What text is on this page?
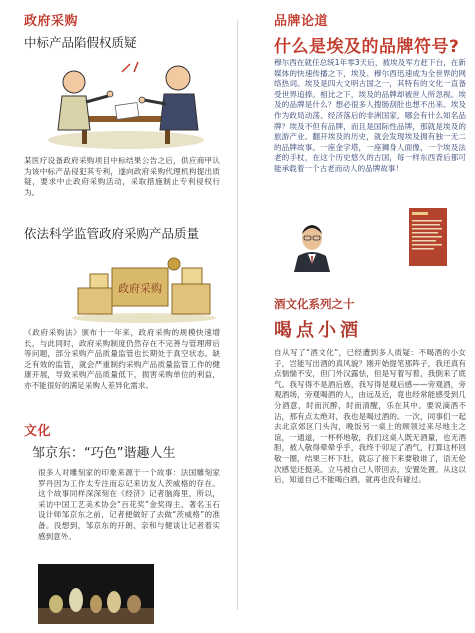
政府采购
中标产品陷假权质疑
某医疗设备政府采购项目中标结果公告之后，供应商甲认为该中标产品侵犯其专利，遂向政府采购代理机构提出质疑，要求中止政府采购活动，采取措施制止专利侵权行为。
依法科学监管政府采购产品质量
政府采购
《政府采购法》颁布十一年来，政府采购的规模快速增长，与此同时，政府采购制度仍然存在不完善与管理滞后等问题，部分采购产品质量监管也长期处于真空状态。缺乏有效的监管，就会严重制约采购产品质量监管工作的健康开展，导致采购产品质量低下，损害采购单位的利益，亦不能很好的满足采购人差异化需求。
文化
邹京东：“巧色”谐趣人生
很多人对雕刻家的印象来源于一个故事：法国雕刻家罗丹因为工作太专注而忘记来访友人茨威格的存在。这个故事同样深深刻在《经济》记者脑海里，所以，采访中国工艺美术协会“百花奖”金奖得主、著名玉石设计师邹京东之前，记者便做好了去做“茨威格”的准备。没想到，邹京东的开朗、亲和与健谈让记者着实感到意外。
品牌论道
什么是埃及的品牌符号?
穆尔西在就任总统1年零3天后，被埃及军方赶下台，在新媒体的快速传播之下，埃及、穆尔西迅速成为全世界的网络热词。埃及是四大文明古国之一，其特有的文化一直备受世界追捧。相比之下，埃及的品牌却被世人所忽视。埃及的品牌是什么？想必很多人搜肠刮肚也想不出来。埃及作为政局动荡、经济落后的非洲国家，哪会有什么知名品牌？埃及不但有品牌，而且是国际性品牌，那就是埃及的旅游产业。翻开埃及的历史，就会发现埃及拥有独一无二的品牌故事。一座金字塔，一座狮身人面像，一个埃及法老的手杖，在这个历史悠久的古国，每一样东西背后都可能承载着一个古老而动人的品牌故事！
酒文化系列之十
喝点小酒
自从写了“酒文化”，已经遭到多人质疑：不喝酒的小女子，岂能写出酒的真风貌？刚开始提笔那阵子，我还真有点惴惴不安，但门外汉露怯，但是写着写着，我倒来了底气。我写得不是酒后感，我写得是观后感——旁观酒，旁观酒场，旁观喝酒的人，由远及近，竟也经常能感受到几分酒意，时而沉醉，时而清醒，乐在其中。要说滴酒不沾，那有点太绝对，我也是喝过酒的。一次，同事们一起去北京郊区门头沟，晚饭另一桌上的顾领过来尽地主之谊，一通道，一杯杯地敬，我们这桌人既无酒量，也无酒胆，被人敬得晕晕乎乎，我终于卯足了酒气，打算这杯回敬一圈，结果三杯下肚，就忘了接下来要敬谁了，语无伦次感觉还挺美。立马被自己人带回去，安置处置。从这以后，知道自己不能喝白酒，就再也没有碰过。
